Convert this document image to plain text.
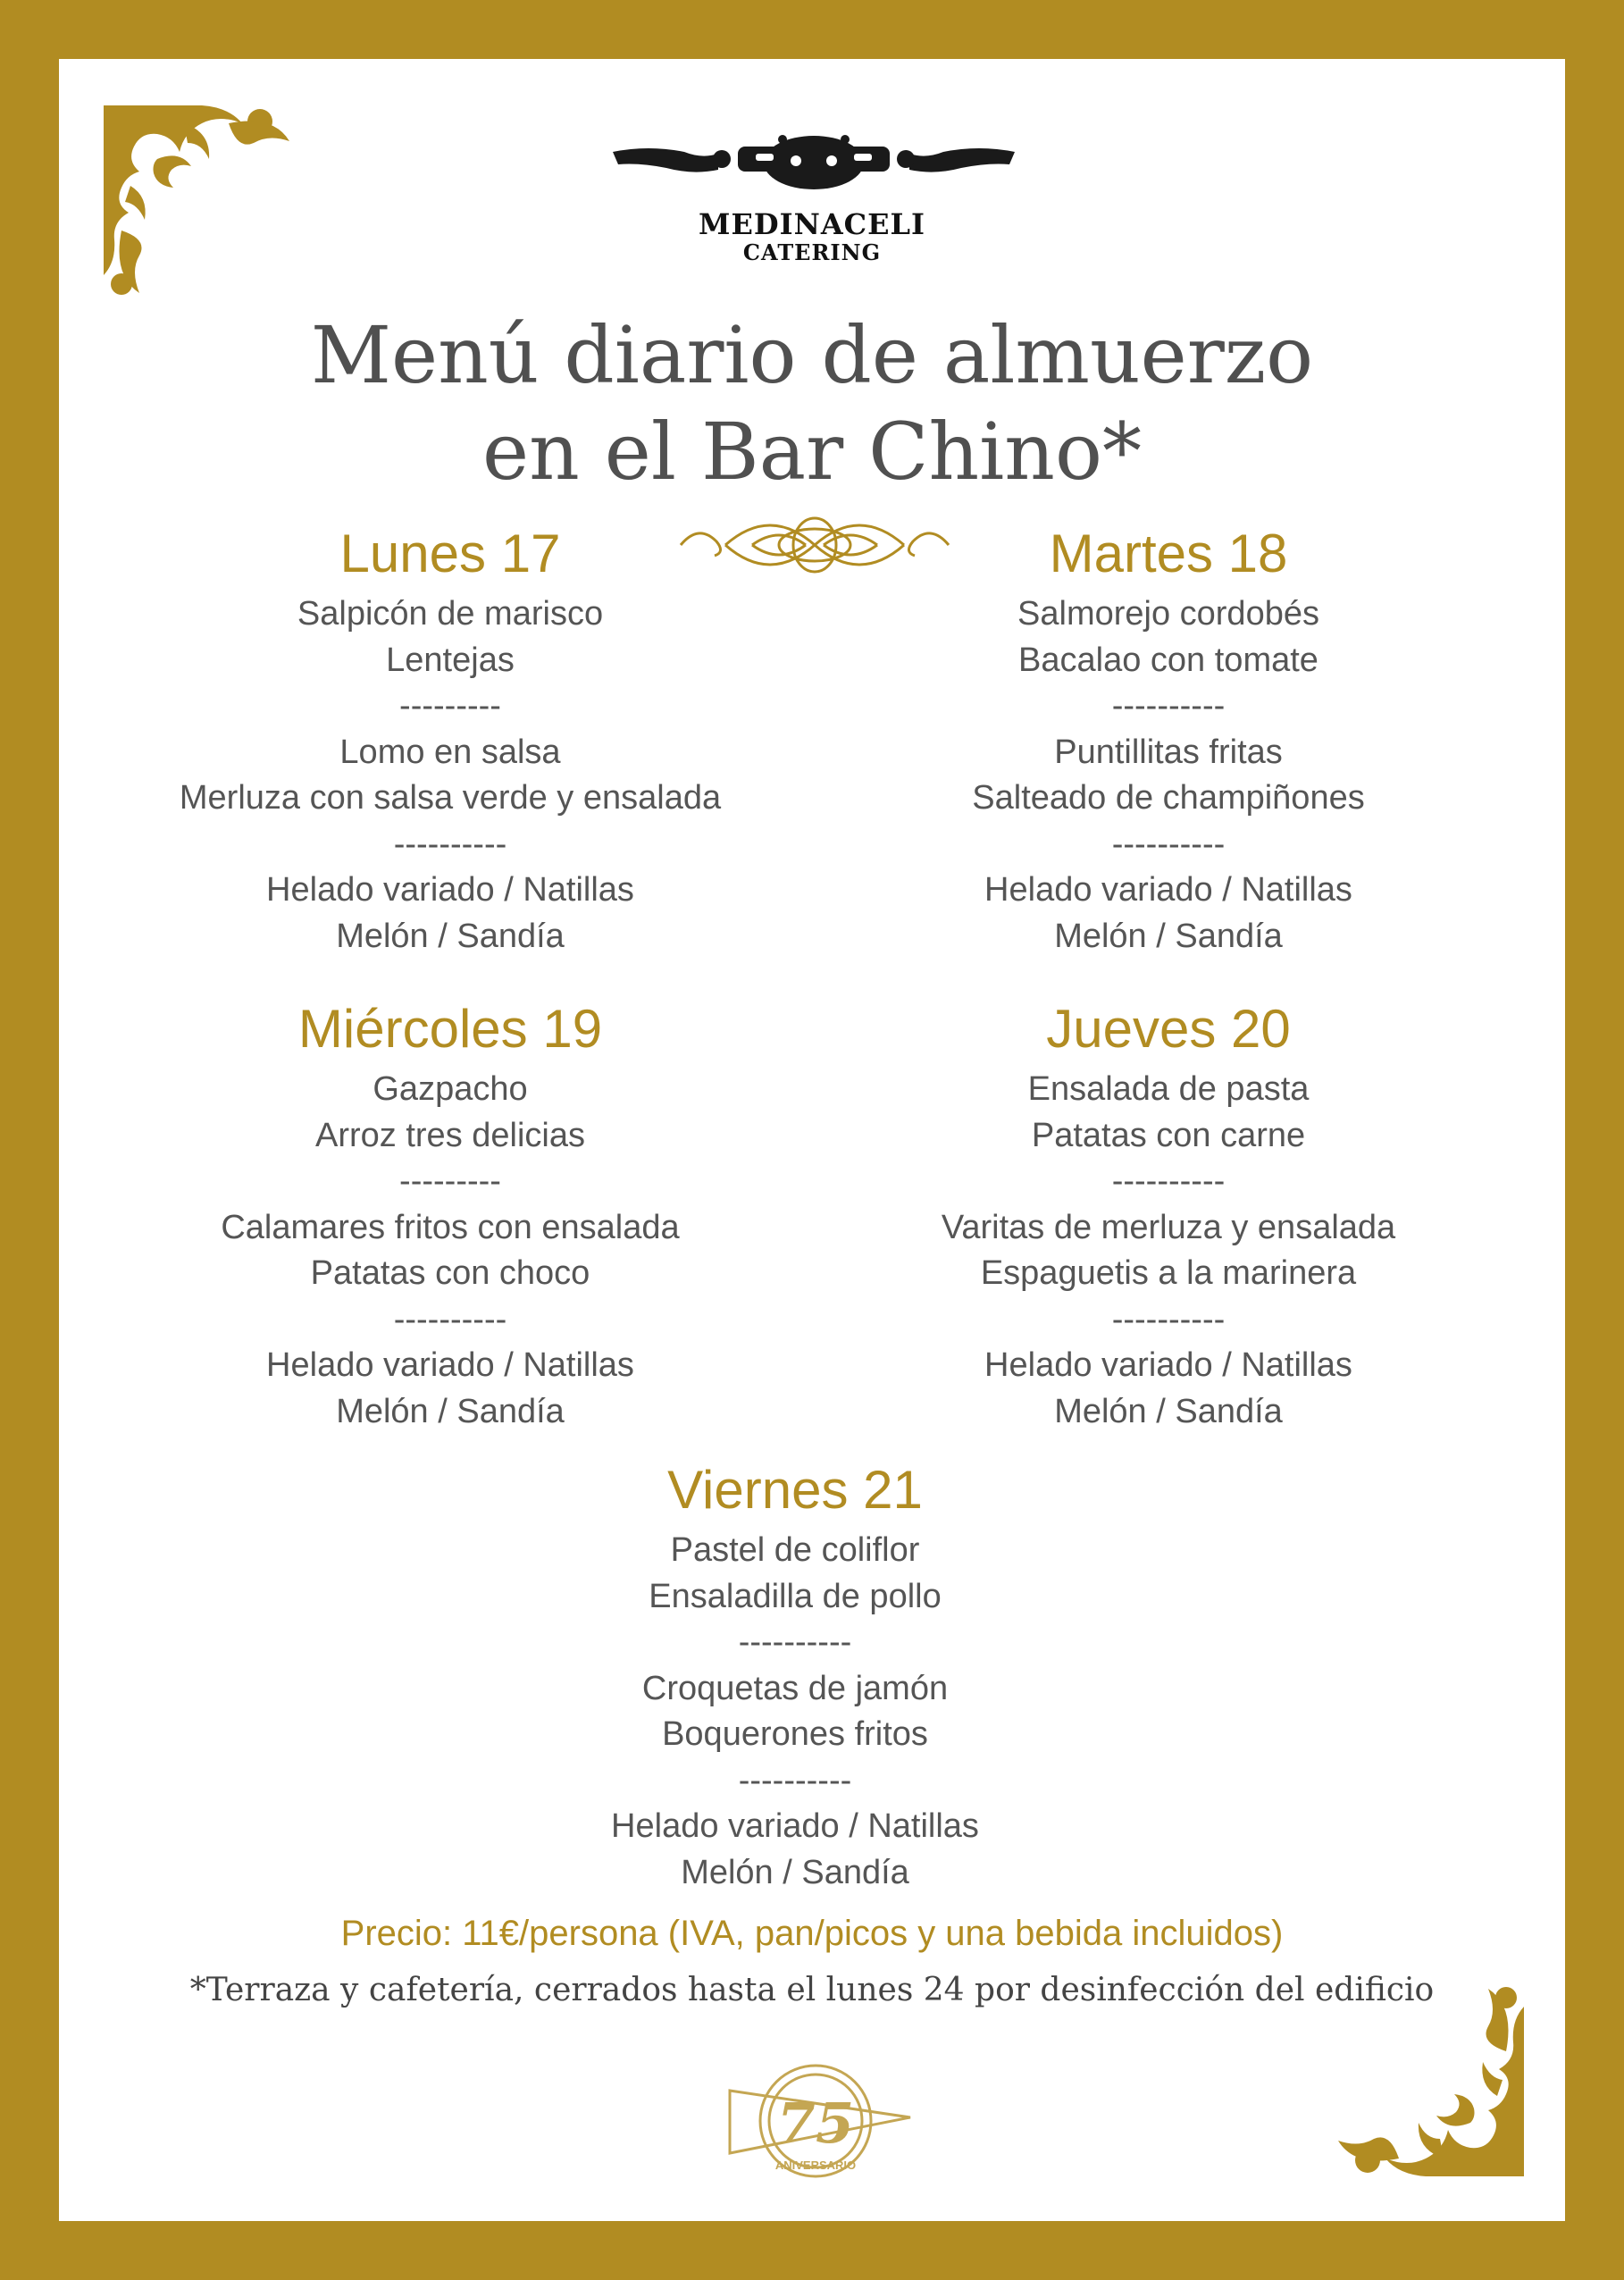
MEDINACELI
CATERING
Menú diario de almuerzo
en el Bar Chino*
Lunes 17
Salpicón de marisco
Lentejas
---------
Lomo en salsa
Merluza con salsa verde y ensalada
----------
Helado variado / Natillas
Melón / Sandía
Martes 18
Salmorejo cordobés
Bacalao con tomate
----------
Puntillitas fritas
Salteado de champiñones
----------
Helado variado / Natillas
Melón / Sandía
Miércoles 19
Gazpacho
Arroz tres delicias
---------
Calamares fritos con ensalada
Patatas con choco
----------
Helado variado / Natillas
Melón / Sandía
Jueves 20
Ensalada de pasta
Patatas con carne
----------
Varitas de merluza y ensalada
Espaguetis a la marinera
----------
Helado variado / Natillas
Melón / Sandía
Viernes 21
Pastel de coliflor
Ensaladilla de pollo
----------
Croquetas de jamón
Boquerones fritos
----------
Helado variado / Natillas
Melón / Sandía
Precio: 11€/persona (IVA, pan/picos y una bebida incluidos)
*Terraza y cafetería, cerrados hasta el lunes 24 por desinfección del edificio
75
ANIVERSARIO
